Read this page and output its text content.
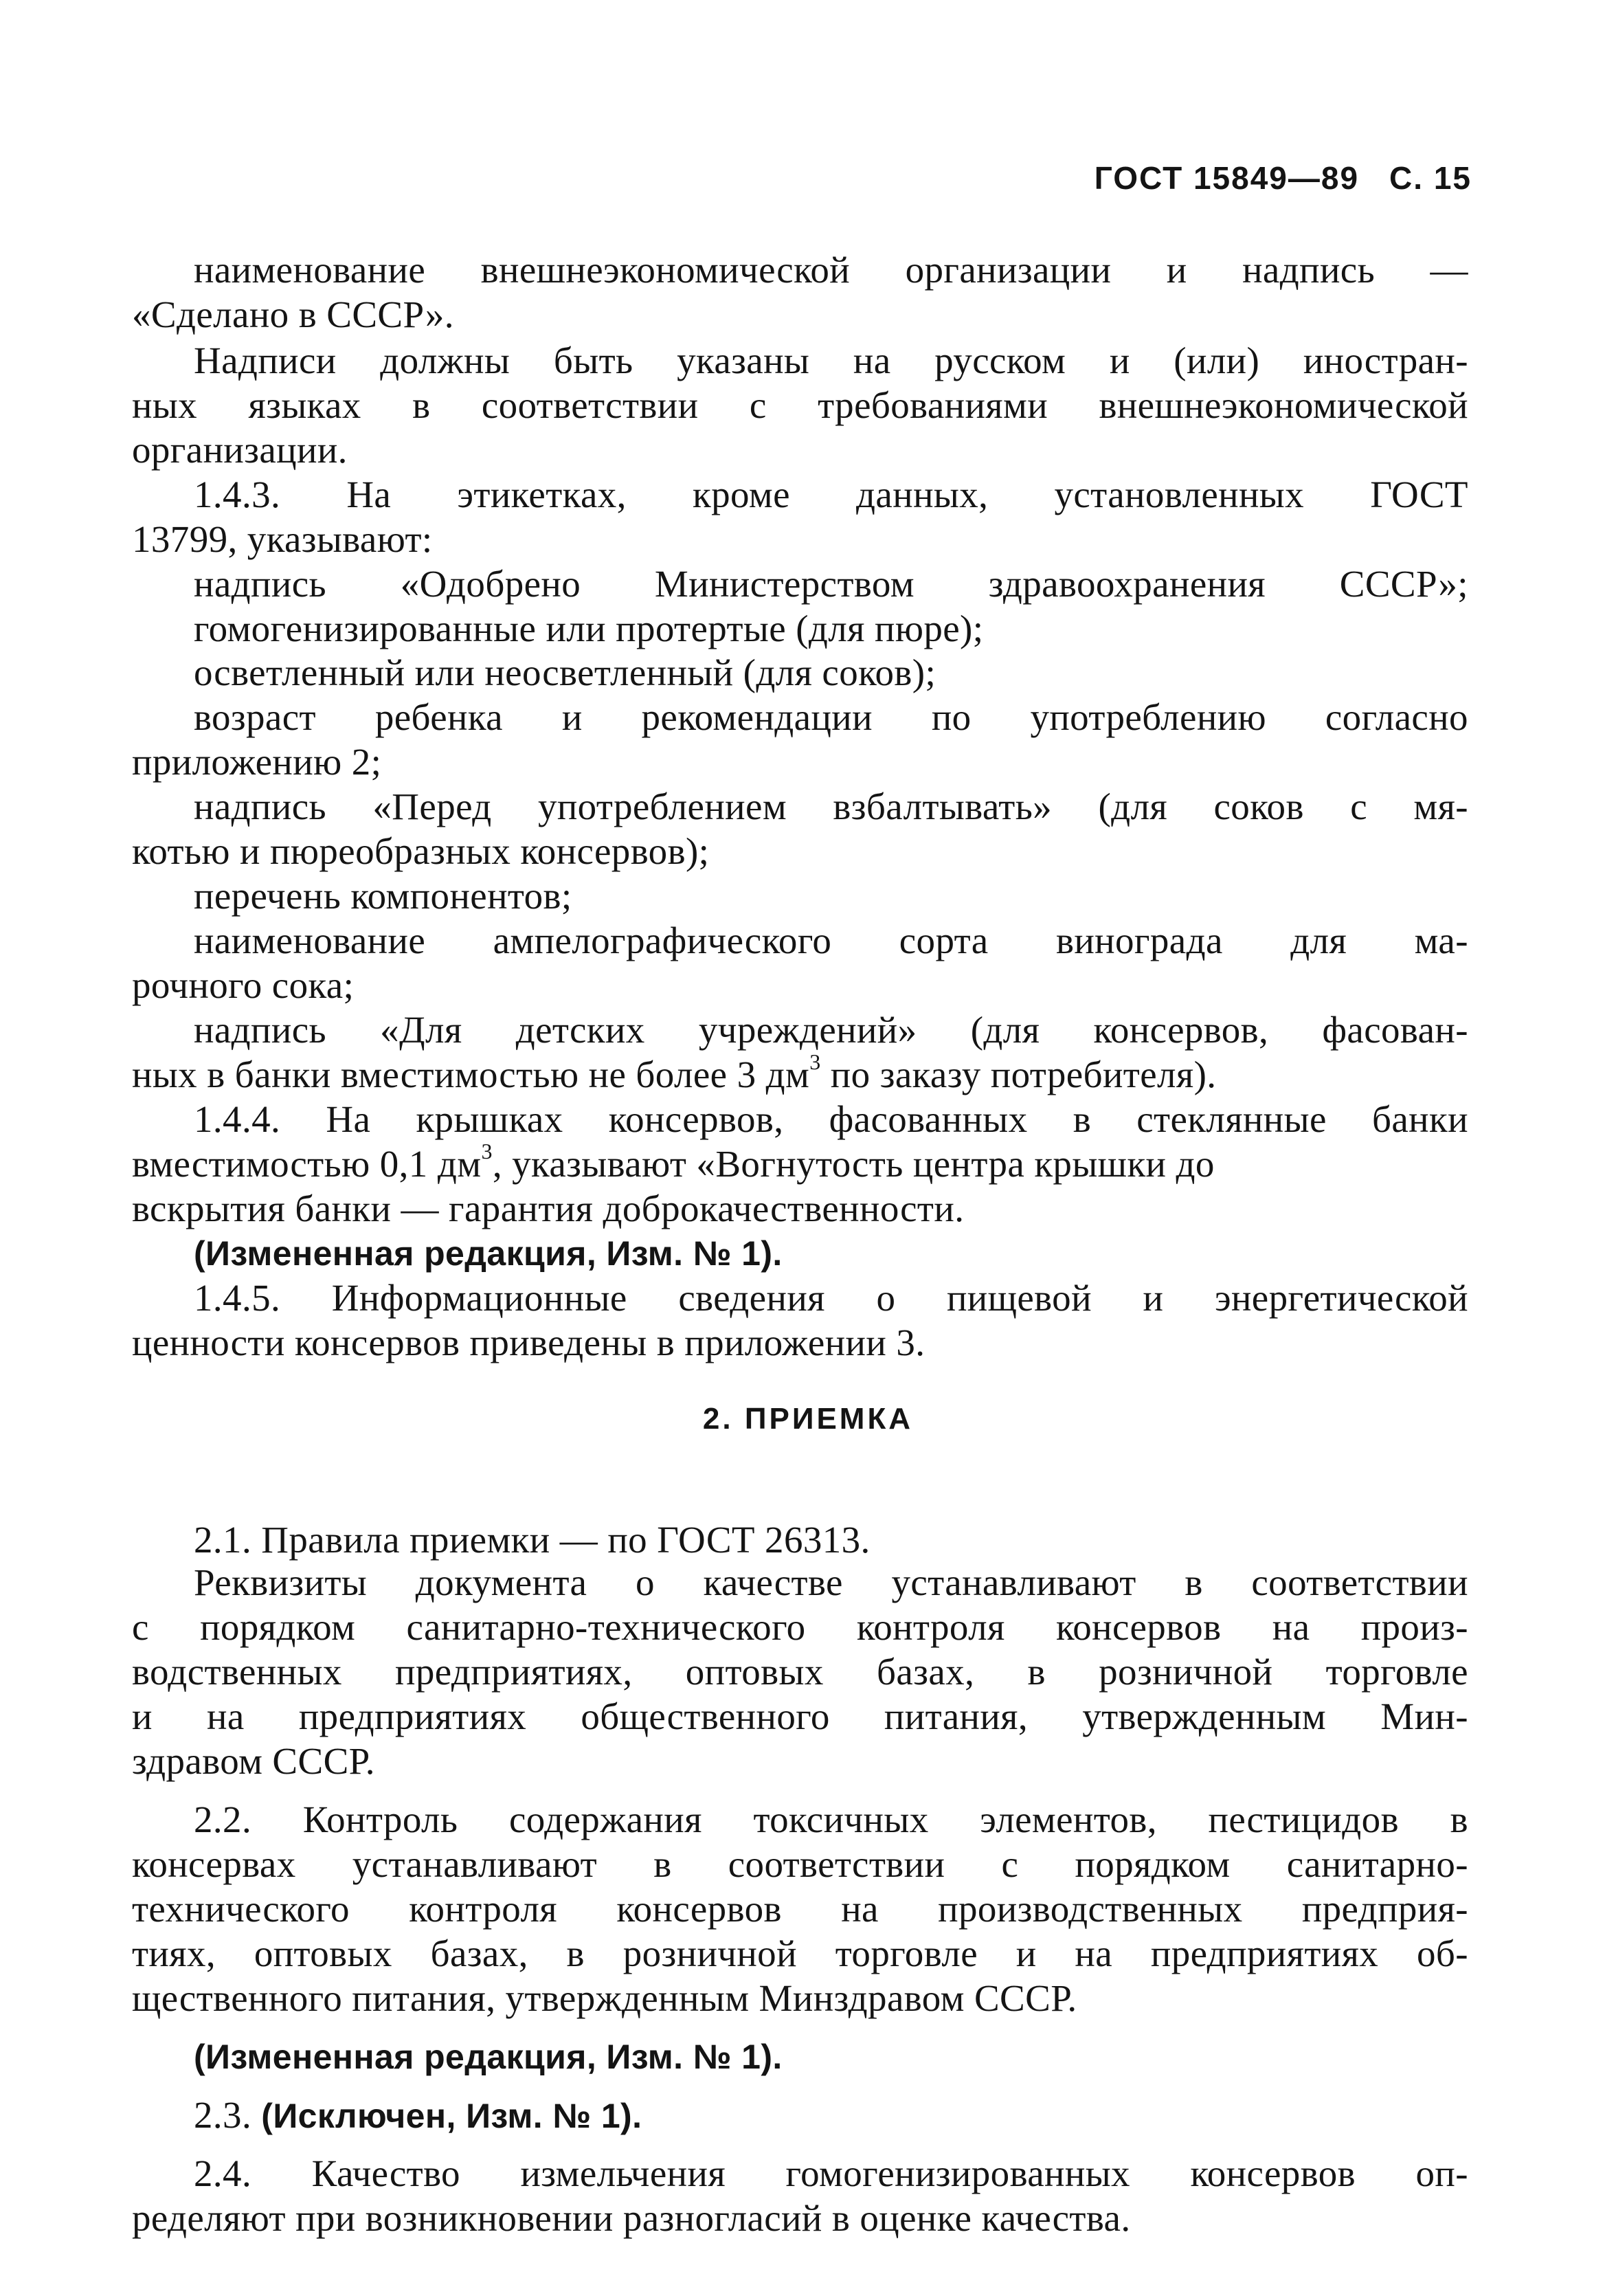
ГОСТ 15849—89 С. 15
наименование внешнеэкономической организации и надпись —
«Сделано в СССР».
Надписи должны быть указаны на русском и (или) иностран-
ных языках в соответствии с требованиями внешнеэкономической
организации.
1.4.3. На этикетках, кроме данных, установленных ГОСТ
13799, указывают:
надпись «Одобрено Министерством здравоохранения СССР»;
гомогенизированные или протертые (для пюре);
осветленный или неосветленный (для соков);
возраст ребенка и рекомендации по употреблению согласно
приложению 2;
надпись «Перед употреблением взбалтывать» (для соков с мя-
котью и пюреобразных консервов);
перечень компонентов;
наименование ампелографического сорта винограда для ма-
рочного сока;
надпись «Для детских учреждений» (для консервов, фасован-
ных в банки вместимостью не более 3 $дм^3$ по заказу потребителя).
1.4.4. На крышках консервов, фасованных в стеклянные банки
вместимостью 0,1 $дм^3$, указывают «Вогнутость центра крышки до
вскрытия банки — гарантия доброкачественности.
(Измененная редакция, Изм. № 1).
1.4.5. Информационные сведения о пищевой и энергетической
ценности консервов приведены в приложении 3.
2. ПРИЕМКА
2.1. Правила приемки — по ГОСТ 26313.
Реквизиты документа о качестве устанавливают в соответствии
с порядком санитарно-технического контроля консервов на произ-
водственных предприятиях, оптовых базах, в розничной торговле
и на предприятиях общественного питания, утвержденным Мин-
здравом СССР.
2.2. Контроль содержания токсичных элементов, пестицидов в
консервах устанавливают в соответствии с порядком санитарно-
технического контроля консервов на производственных предприя-
тиях, оптовых базах, в розничной торговле и на предприятиях об-
щественного питания, утвержденным Минздравом СССР.
(Измененная редакция, Изм. № 1).
2.3. (Исключен, Изм. № 1).
2.4. Качество измельчения гомогенизированных консервов оп-
ределяют при возникновении разногласий в оценке качества.
